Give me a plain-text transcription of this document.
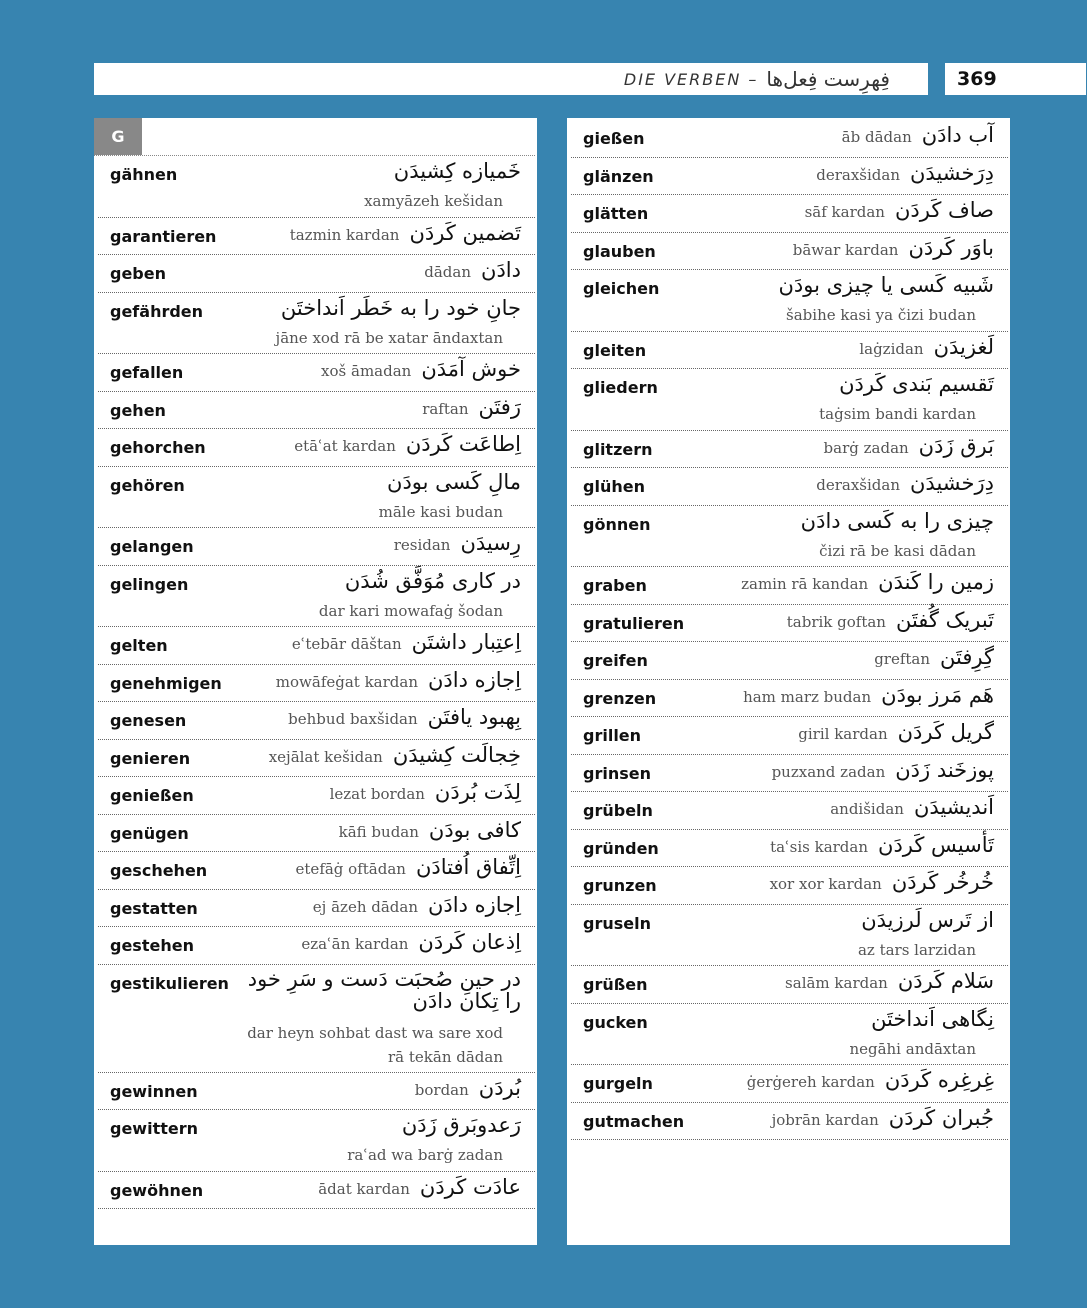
DIE VERBEN – فِهرِست فِعل‌ها	369
G
gähnen	خَمیازه کِشیدَن
xamyāzeh kešidan
garantieren	tazmin kardan تَضمین کَردَن
geben	dādan دادَن
gefährden	جانِ خود را به خَطَر اَنداختَن
jāne xod rā be xatar āndaxtan
gefallen	xoš āmadan خوش آمَدَن
gehen	raftan رَفتَن
gehorchen	etāʿat kardan اِطاعَت کَردَن
gehören	مالِ کَسی بودَن
māle kasi budan
gelangen	residan رِسیدَن
gelingen	در کاری مُوَفَّق شُدَن
dar kari mowafaġ šodan
gelten	eʿtebār dāštan اِعتِبار داشتَن
genehmigen	mowāfeġat kardan اِجازه دادَن
genesen	behbud baxšidan بِهبود یافتَن
genieren	xejālat kešidan خِجالَت کِشیدَن
genießen	lezat bordan لِذَت بُردَن
genügen	kāfi budan کافی بودَن
geschehen	etefāġ oftādan اِتِّفاق اُفتادَن
gestatten	ej āzeh dādan اِجازه دادَن
gestehen	ezaʿān kardan اِذعان کَردَن
gestikulieren در حینِ صُحبَت دَست و سَرِ خود را تِکان دادَن
dar heyn sohbat dast wa sare xod rā tekān dādan
gewinnen	bordan بُردَن
gewittern	رَعدوبَرق زَدَن
raʿad wa barġ zadan
gewöhnen	ādat kardan عادَت کَردَن
gießen	āb dādan آب دادَن
glänzen	deraxšidan دِرَخشیدَن
glätten	sāf kardan صاف کَردَن
glauben	bāwar kardan باوَر کَردَن
gleichen	شَبیه کَسی یا چیزی بودَن
šabihe kasi ya čizi budan
gleiten	laġzidan لَغزیدَن
gliedern	تَقسیم بَندی کَردَن
taġsim bandi kardan
glitzern	barġ zadan بَرق زَدَن
glühen	deraxšidan دِرَخشیدَن
gönnen	چیزی را به کَسی دادَن
čizi rā be kasi dādan
graben	zamin rā kandan زمین را کَندَن
gratulieren	tabrik goftan تَبریک گُفتَن
greifen	greftan گِرِفتَن
grenzen	ham marz budan هَم مَرز بودَن
grillen	giril kardan گریل کَردَن
grinsen	puzxand zadan پوزخَند زَدَن
grübeln	andišidan اَندیشیدَن
gründen	taʿsis kardan تَأسیس کَردَن
grunzen	xor xor kardan خُرخُر کَردَن
gruseln	از تَرس لَرزیدَن
az tars larzidan
grüßen	salām kardan سَلام کَردَن
gucken	نِگاهی اَنداختَن
negāhi andāxtan
gurgeln	ġerġereh kardan غِرغِره کَردَن
gutmachen	jobrān kardan جُبران کَردَن
